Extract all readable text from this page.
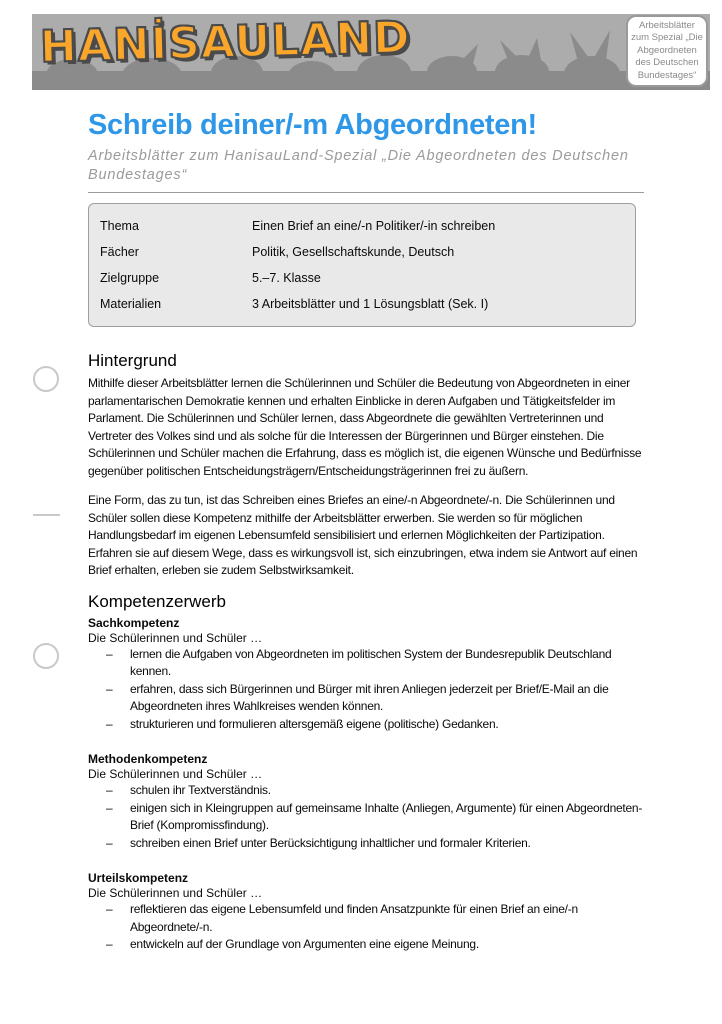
HANİSAULAND	Arbeitsblätter zum Spezial „Die Abgeordneten des Deutschen Bundestages“
Schreib deiner/-m Abgeordneten!
Arbeitsblätter zum HanisauLand-Spezial „Die Abgeordneten des Deutschen Bundestages“
Thema	Einen Brief an eine/-n Politiker/-in schreiben
Fächer	Politik, Gesellschaftskunde, Deutsch
Zielgruppe	5.–7. Klasse
Materialien	3 Arbeitsblätter und 1 Lösungsblatt (Sek. I)
Hintergrund

Mithilfe dieser Arbeitsblätter lernen die Schülerinnen und Schüler die Bedeutung von Abgeordneten in einer parlamentarischen Demokratie kennen und erhalten Einblicke in deren Aufgaben und Tätigkeitsfelder im Parlament. Die Schülerinnen und Schüler lernen, dass Abgeordnete die gewählten Vertreterinnen und Vertreter des Volkes sind und als solche für die Interessen der Bürgerinnen und Bürger einstehen. Die Schülerinnen und Schüler machen die Erfahrung, dass es möglich ist, die eigenen Wünsche und Bedürfnisse gegenüber politischen Entscheidungsträgern/Entscheidungsträgerinnen frei zu äußern.

Eine Form, das zu tun, ist das Schreiben eines Briefes an eine/-n Abgeordnete/-n. Die Schülerinnen und Schüler sollen diese Kompetenz mithilfe der Arbeitsblätter erwerben. Sie werden so für möglichen Handlungsbedarf im eigenen Lebensumfeld sensibilisiert und erlernen Möglichkeiten der Partizipation. Erfahren sie auf diesem Wege, dass es wirkungsvoll ist, sich einzubringen, etwa indem sie Antwort auf einen Brief erhalten, erleben sie zudem Selbstwirksamkeit.

Kompetenzerwerb
Sachkompetenz
Die Schülerinnen und Schüler …
–	lernen die Aufgaben von Abgeordneten im politischen System der Bundesrepublik Deutschland kennen.
–	erfahren, dass sich Bürgerinnen und Bürger mit ihren Anliegen jederzeit per Brief/E-Mail an die Abgeordneten ihres Wahlkreises wenden können.
–	strukturieren und formulieren altersgemäß eigene (politische) Gedanken.
Methodenkompetenz
Die Schülerinnen und Schüler …
–	schulen ihr Textverständnis.
–	einigen sich in Kleingruppen auf gemeinsame Inhalte (Anliegen, Argumente) für einen Abgeordneten-Brief (Kompromissfindung).
–	schreiben einen Brief unter Berücksichtigung inhaltlicher und formaler Kriterien.
Urteilskompetenz
Die Schülerinnen und Schüler …
–	reflektieren das eigene Lebensumfeld und finden Ansatzpunkte für einen Brief an eine/-n Abgeordnete/-n.
–	entwickeln auf der Grundlage von Argumenten eine eigene Meinung.
